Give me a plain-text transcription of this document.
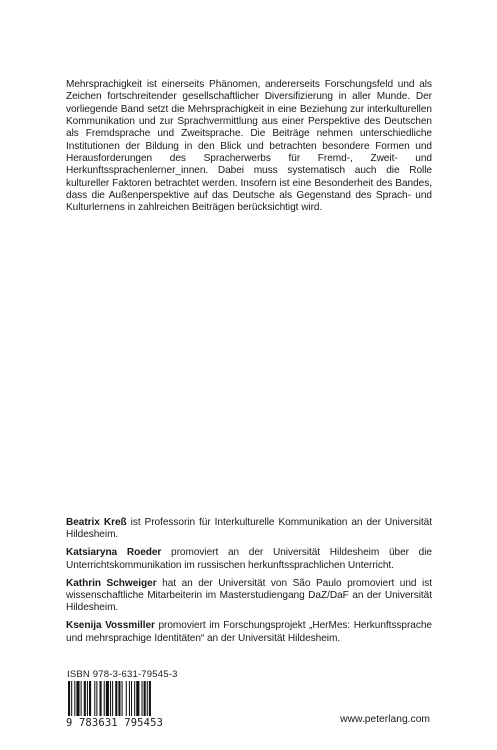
Mehrsprachigkeit ist einerseits Phänomen, andererseits Forschungsfeld und als Zeichen fortschreitender gesellschaftlicher Diversifizierung in aller Munde. Der vorliegende Band setzt die Mehrsprachigkeit in eine Beziehung zur interkulturellen Kommunikation und zur Sprachvermittlung aus einer Perspektive des Deutschen als Fremdsprache und Zweitsprache. Die Beiträge nehmen unterschiedliche Institutionen der Bildung in den Blick und betrachten besondere Formen und Herausforderungen des Spracherwerbs für Fremd-, Zweit- und Herkunftssprachenlerner_innen. Dabei muss systematisch auch die Rolle kultureller Faktoren betrachtet werden. Insofern ist eine Besonderheit des Bandes, dass die Außenperspektive auf das Deutsche als Gegenstand des Sprach- und Kulturlernens in zahlreichen Beiträgen berücksichtigt wird.

Beatrix Kreß ist Professorin für Interkulturelle Kommunikation an der Universität Hildesheim.

Katsiaryna Roeder promoviert an der Universität Hildesheim über die Unterrichtskommunikation im russischen herkunftssprachlichen Unterricht.

Kathrin Schweiger hat an der Universität von São Paulo promoviert und ist wissenschaftliche Mitarbeiterin im Masterstudiengang DaZ/DaF an der Universität Hildesheim.

Ksenija Vossmiller promoviert im Forschungsprojekt „HerMes: Herkunftssprache und mehrsprachige Identitäten“ an der Universität Hildesheim.

ISBN 978-3-631-79545-3

9 783631 795453	www.peterlang.com
